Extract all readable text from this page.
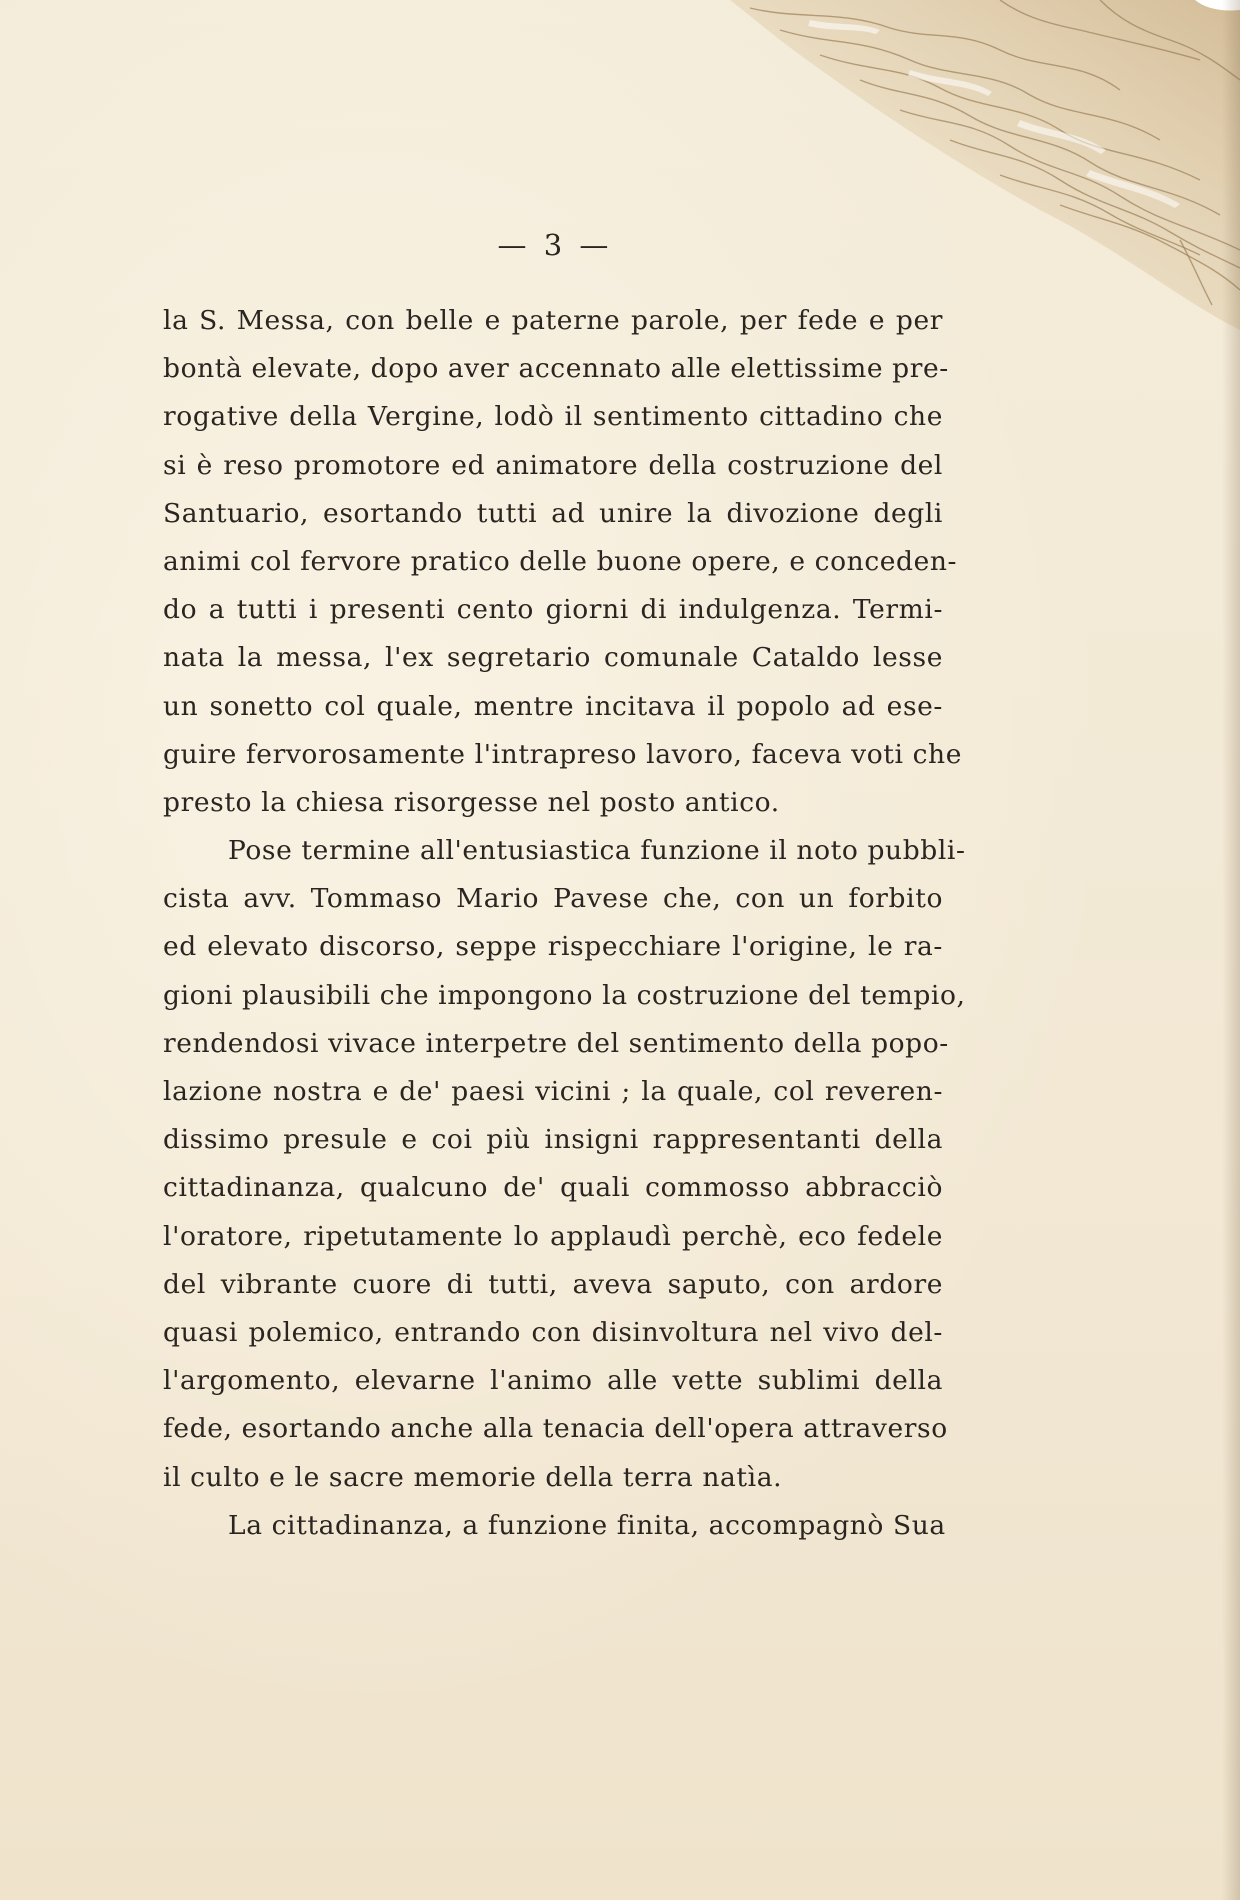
— 3 —
la S. Messa, con belle e paterne parole, per fede e per
bontà elevate, dopo aver accennato alle elettissime pre-
rogative della Vergine, lodò il sentimento cittadino che
si è reso promotore ed animatore della costruzione del
Santuario, esortando tutti ad unire la divozione degli
animi col fervore pratico delle buone opere, e conceden-
do a tutti i presenti cento giorni di indulgenza. Termi-
nata la messa, l'ex segretario comunale Cataldo lesse
un sonetto col quale, mentre incitava il popolo ad ese-
guire fervorosamente l'intrapreso lavoro, faceva voti che
presto la chiesa risorgesse nel posto antico.
Pose termine all'entusiastica funzione il noto pubbli-
cista avv. Tommaso Mario Pavese che, con un forbito
ed elevato discorso, seppe rispecchiare l'origine, le ra-
gioni plausibili che impongono la costruzione del tempio,
rendendosi vivace interpetre del sentimento della popo-
lazione nostra e de' paesi vicini ; la quale, col reveren-
dissimo presule e coi più insigni rappresentanti della
cittadinanza, qualcuno de' quali commosso abbracciò
l'oratore, ripetutamente lo applaudì perchè, eco fedele
del vibrante cuore di tutti, aveva saputo, con ardore
quasi polemico, entrando con disinvoltura nel vivo del-
l'argomento, elevarne l'animo alle vette sublimi della
fede, esortando anche alla tenacia dell'opera attraverso
il culto e le sacre memorie della terra natìa.
La cittadinanza, a funzione finita, accompagnò Sua
